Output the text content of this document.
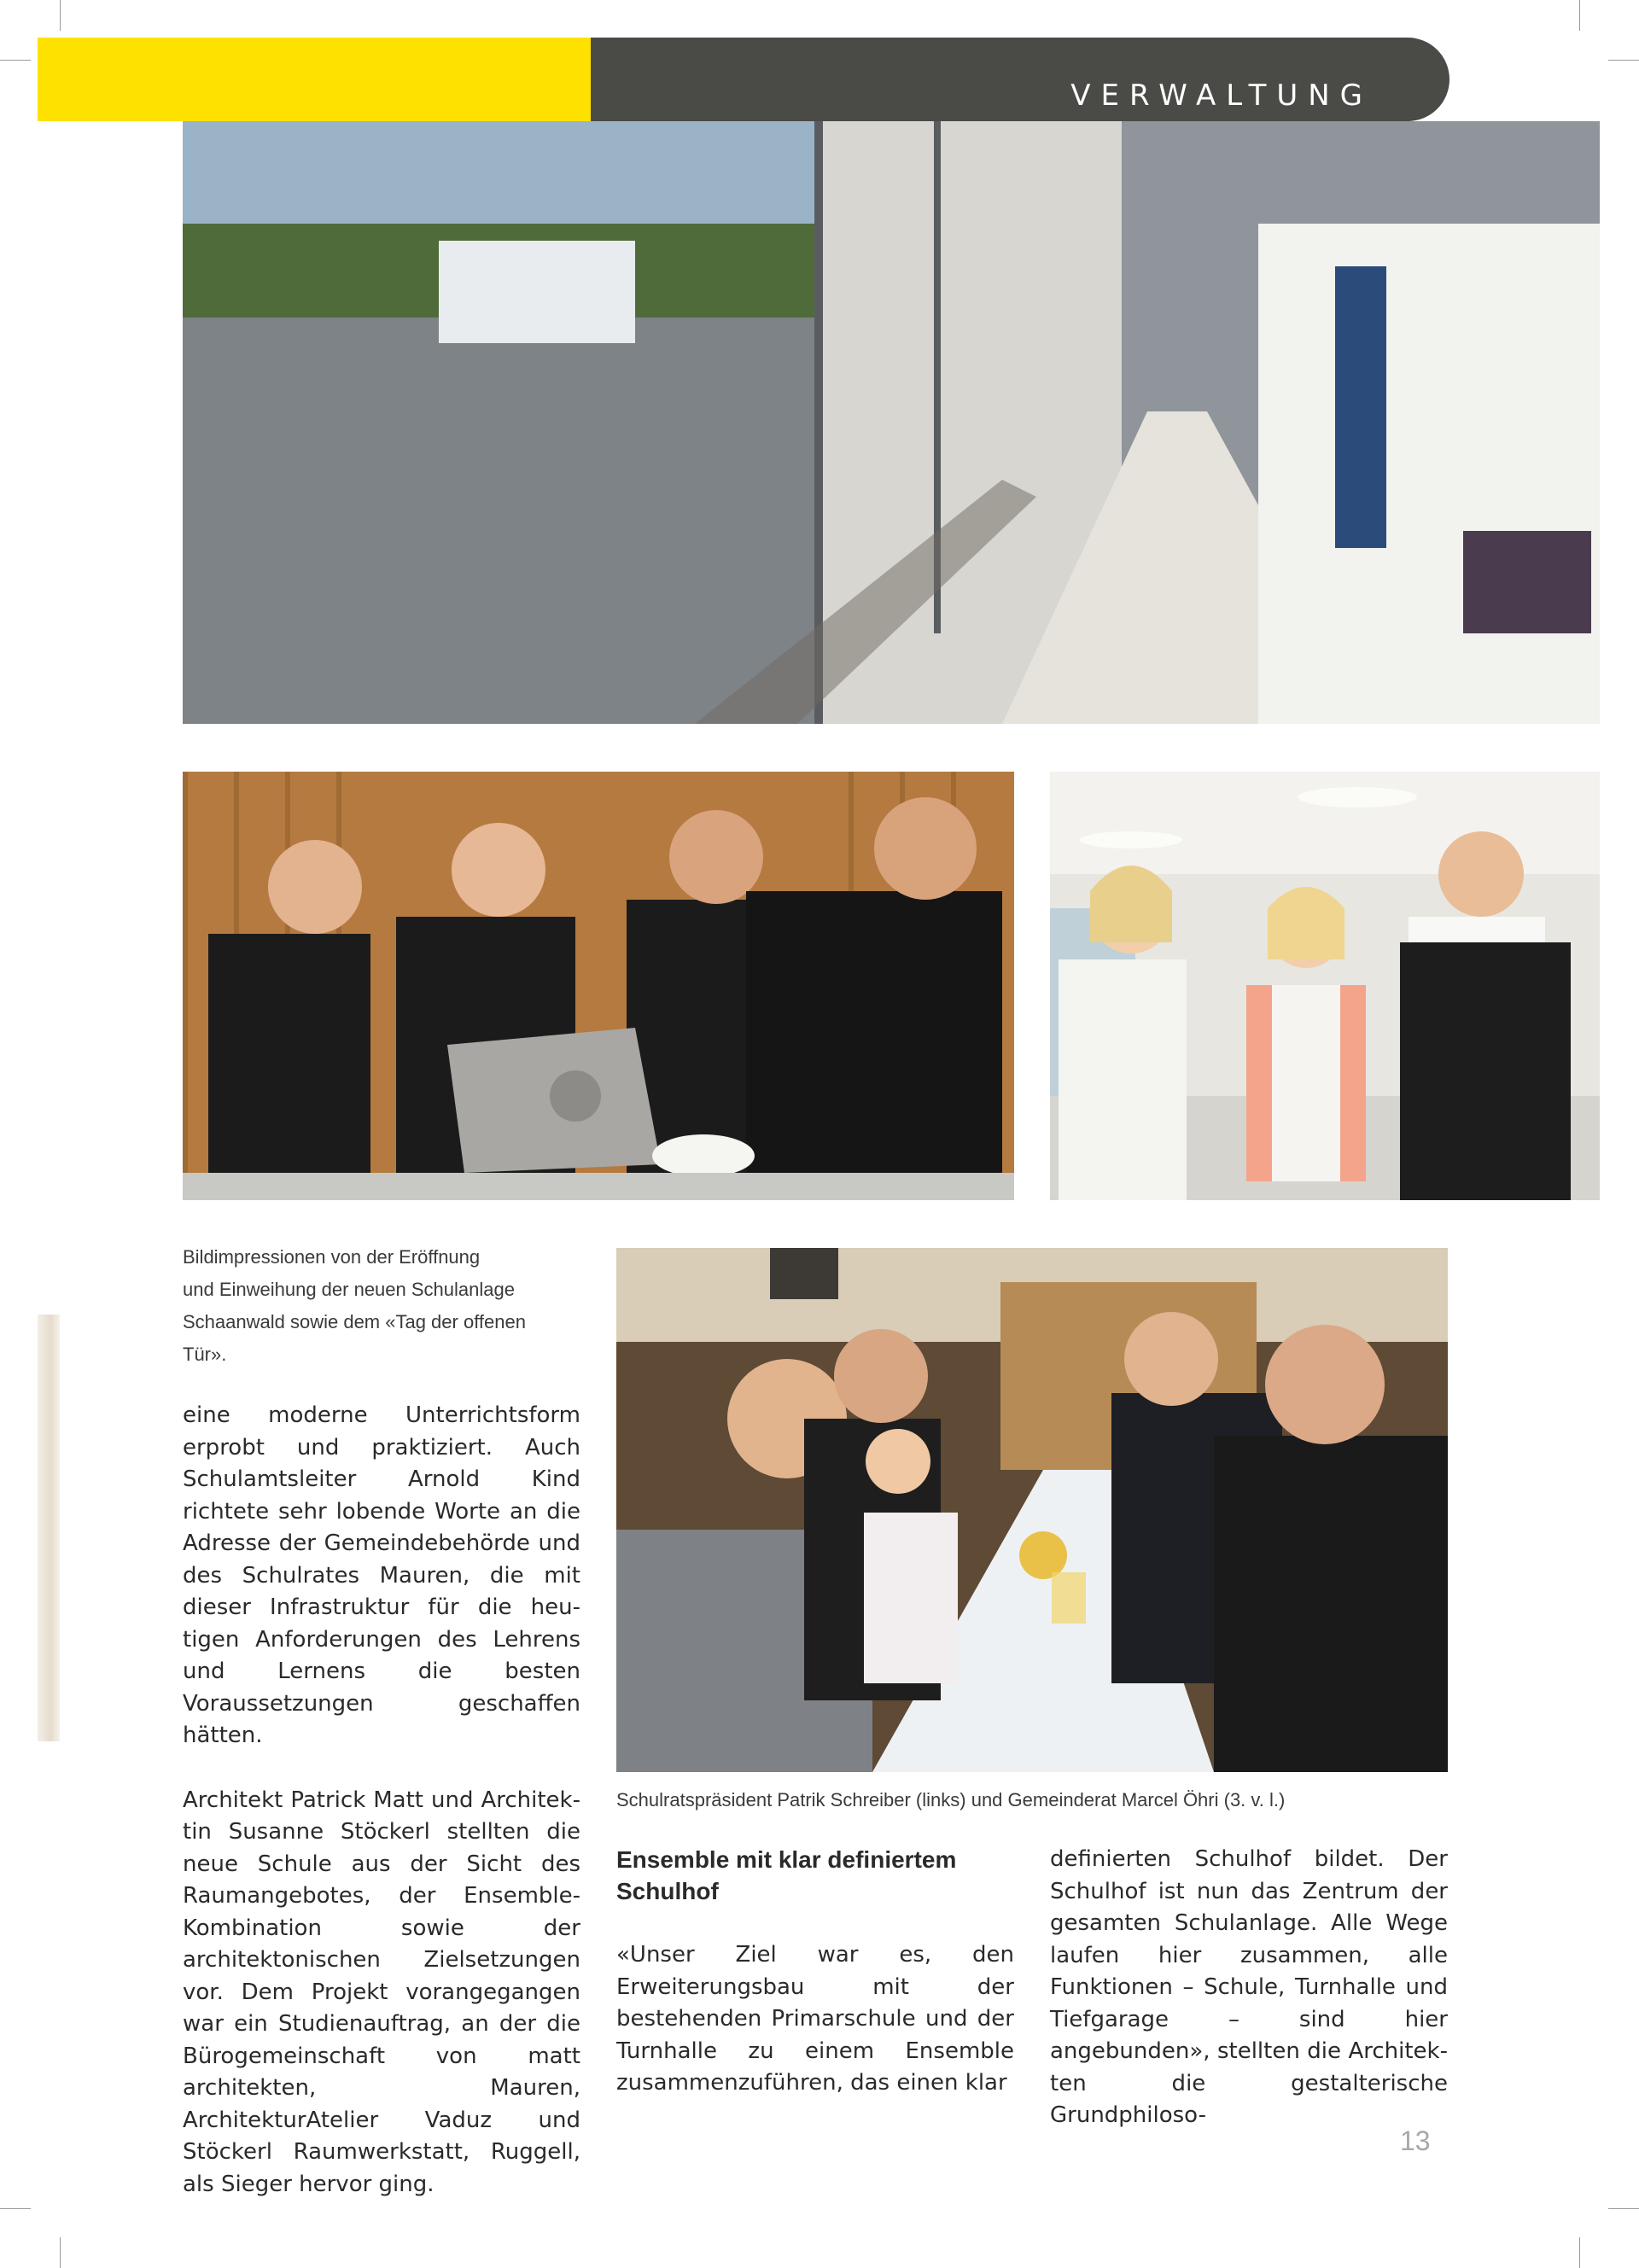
VERWALTUNG
Bildimpressionen von der Eröffnung
und Einweihung der neuen Schulanlage
Schaanwald sowie dem «Tag der offenen
Tür».

eine moderne Unterrichtsform erprobt und praktiziert. Auch Schulamtsleiter Arnold Kind richtete sehr lobende Worte an die Adresse der Gemeindebehörde und des Schulrates Mauren, die mit dieser Infrastruktur für die heutigen Anforderungen des Lehrens und Lernens die besten Voraussetzungen geschaffen hätten.

Architekt Patrick Matt und Architektin Susanne Stöckerl stellten die neue Schule aus der Sicht des Raumangebotes, der Ensemble-Kombination sowie der architektonischen Zielsetzungen vor. Dem Projekt vorangegangen war ein Studienauftrag, an der die Bürogemeinschaft von matt architekten, Mauren, ArchitekturAtelier Vaduz und Stöckerl Raumwerkstatt, Ruggell, als Sieger hervor ging.

Schulratspräsident Patrik Schreiber (links) und Gemeinderat Marcel Öhri (3. v. l.)
Ensemble mit klar definiertem
Schulhof

«Unser Ziel war es, den Erweiterungsbau mit der bestehenden Primarschule und der Turnhalle zu einem Ensemble zusammenzuführen, das einen klar

definierten Schulhof bildet. Der Schulhof ist nun das Zentrum der gesamten Schulanlage. Alle Wege laufen hier zusammen, alle Funktionen – Schule, Turnhalle und Tiefgarage – sind hier angebunden», stellten die Architekten die gestalterische Grundphiloso-

13
